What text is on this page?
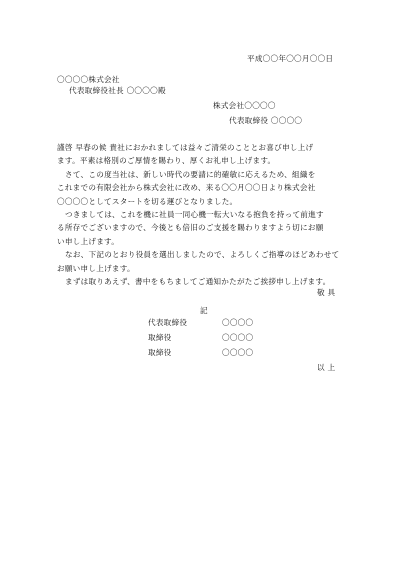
平成〇〇年〇〇月〇〇日
〇〇〇〇株式会社
代表取締役社長 〇〇〇〇殿
株式会社〇〇〇〇
代表取締役 〇〇〇〇
謹啓 早春の候 貴社におかれましては益々ご清栄のこととお喜び申し上げ
ます。平素は格別のご厚情を賜わり、厚くお礼申し上げます。
さて、この度当社は、新しい時代の要請に的確敏に応えるため、組織を
これまでの有限会社から株式会社に改め、来る〇〇月〇〇日より株式会社
〇〇〇〇としてスタートを切る運びとなりました。
つきましては、これを機に社員一同心機一転大いなる抱負を持って前進す
る所存でございますので、今後とも倍旧のご支援を賜わりますよう切にお願
い申し上げます。
なお、下記のとおり役員を選出しましたので、よろしくご指導のほどあわせて
お願い申し上げます。
まずは取りあえず、書中をもちましてご通知かたがたご挨拶申し上げます。
敬 具
記
代表取締役	〇〇〇〇
取締役	〇〇〇〇
取締役	〇〇〇〇
以 上
